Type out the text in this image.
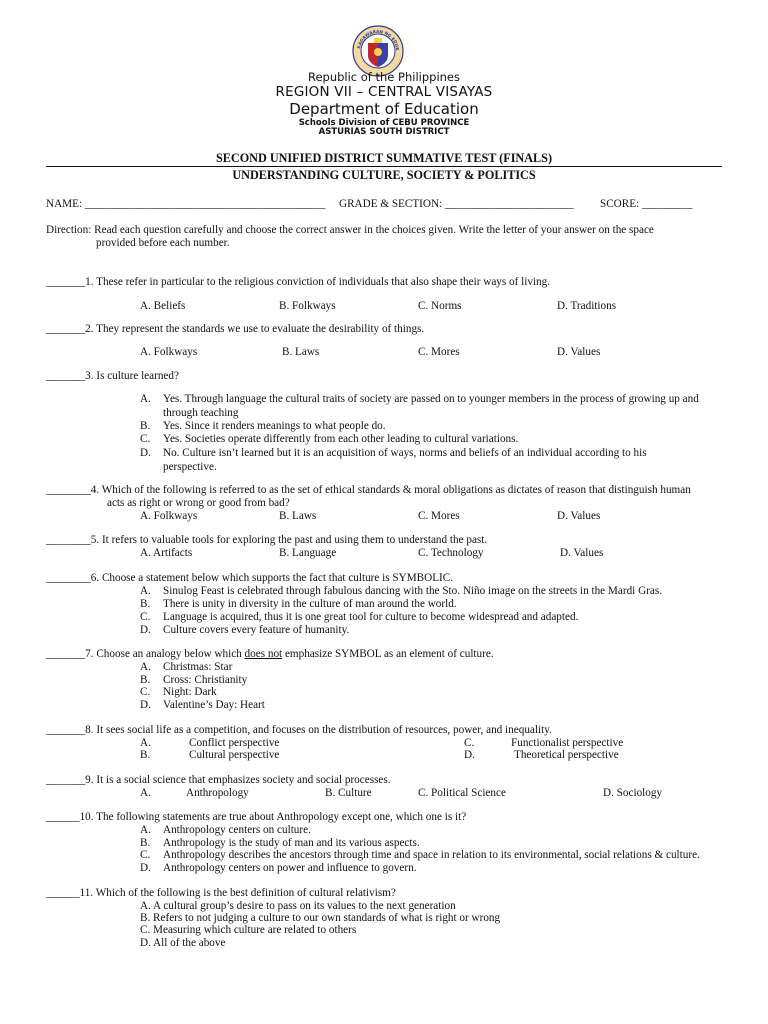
KAGAWARAN NG EDUK
Republic of the Philippines
REGION VII – CENTRAL VISAYAS
Department of Education
Schools Division of CEBU PROVINCE
ASTURIAS SOUTH DISTRICT
SECOND UNIFIED DISTRICT SUMMATIVE TEST (FINALS)
UNDERSTANDING CULTURE, SOCIETY & POLITICS
NAME: ___________________________________________ GRADE & SECTION: _______________________ SCORE: _________
Direction: Read each question carefully and choose the correct answer in the choices given. Write the letter of your answer on the space
provided before each number.
_______1. These refer in particular to the religious conviction of individuals that also shape their ways of living.
A. Beliefs	B. Folkways	C. Norms	D. Traditions
_______2. They represent the standards we use to evaluate the desirability of things.
A. Folkways	B. Laws	C. Mores	D. Values
_______3. Is culture learned?
A. Yes. Through language the cultural traits of society are passed on to younger members in the process of growing up and
through teaching
B. Yes. Since it renders meanings to what people do.
C. Yes. Societies operate differently from each other leading to cultural variations.
D. No. Culture isn’t learned but it is an acquisition of ways, norms and beliefs of an individual according to his
perspective.
________4. Which of the following is referred to as the set of ethical standards & moral obligations as dictates of reason that distinguish human
acts as right or wrong or good from bad?
A. Folkways	B. Laws	C. Mores	D. Values
________5. It refers to valuable tools for exploring the past and using them to understand the past.
A. Artifacts	B. Language	C. Technology	D. Values
________6. Choose a statement below which supports the fact that culture is SYMBOLIC.
A. Sinulog Feast is celebrated through fabulous dancing with the Sto. Niño image on the streets in the Mardi Gras.
B. There is unity in diversity in the culture of man around the world.
C. Language is acquired, thus it is one great tool for culture to become widespread and adapted.
D. Culture covers every feature of humanity.
_______7. Choose an analogy below which does not emphasize SYMBOL as an element of culture.
A. Christmas: Star
B. Cross: Christianity
C. Night: Dark
D. Valentine’s Day: Heart
_______8. It sees social life as a competition, and focuses on the distribution of resources, power, and inequality.
A.	Conflict perspective
B.	Cultural perspective
C.	Functionalist perspective
D.	Theoretical perspective
_______9. It is a social science that emphasizes society and social processes.
A.	Anthropology	B. Culture	C. Political Science	D. Sociology
______10. The following statements are true about Anthropology except one, which one is it?
A. Anthropology centers on culture.
B. Anthropology is the study of man and its various aspects.
C. Anthropology describes the ancestors through time and space in relation to its environmental, social relations & culture.
D. Anthropology centers on power and influence to govern.
______11. Which of the following is the best definition of cultural relativism?
A. A cultural group’s desire to pass on its values to the next generation
B. Refers to not judging a culture to our own standards of what is right or wrong
C. Measuring which culture are related to others
D. All of the above
